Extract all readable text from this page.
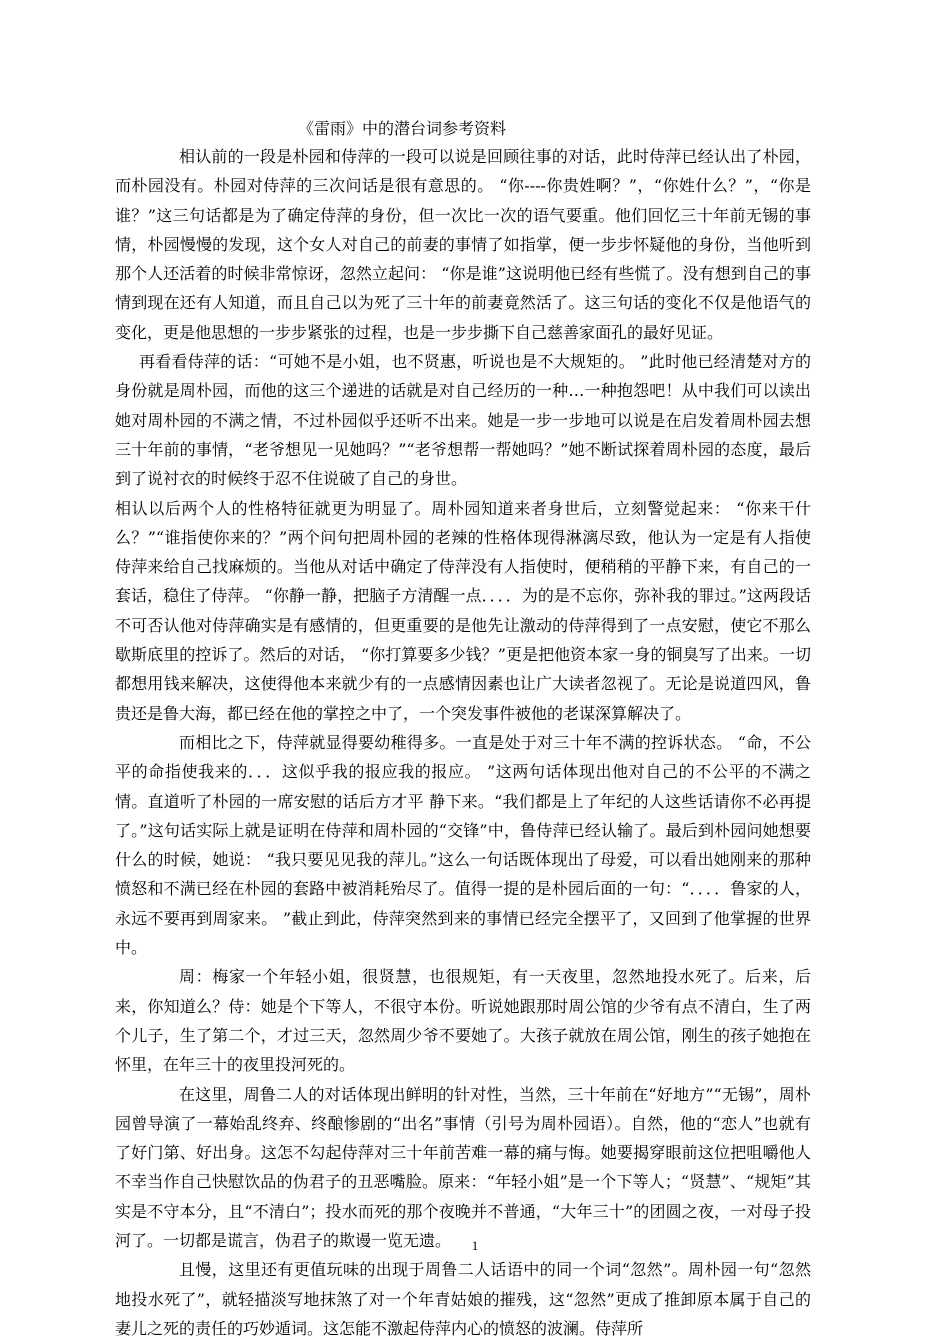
《雷雨》中的潜台词参考资料

相认前的一段是朴园和侍萍的一段可以说是回顾往事的对话，此时侍萍已经认出了朴园，而朴园没有。朴园对侍萍的三次问话是很有意思的。 “你----你贵姓啊？”，“你姓什么？”，“你是谁？”这三句话都是为了确定侍萍的身份，但一次比一次的语气要重。他们回忆三十年前无锡的事情，朴园慢慢的发现，这个女人对自己的前妻的事情了如指掌，便一步步怀疑他的身份，当他听到那个人还活着的时候非常惊讶，忽然立起问： “你是谁”这说明他已经有些慌了。没有想到自己的事情到现在还有人知道，而且自己以为死了三十年的前妻竟然活了。这三句话的变化不仅是他语气的变化，更是他思想的一步步紧张的过程，也是一步步撕下自己慈善家面孔的最好见证。

再看看侍萍的话：“可她不是小姐，也不贤惠，听说也是不大规矩的。 ”此时他已经清楚对方的身份就是周朴园，而他的这三个递进的话就是对自己经历的一种…一种抱怨吧！从中我们可以读出她对周朴园的不满之情，不过朴园似乎还听不出来。她是一步一步地可以说是在启发着周朴园去想三十年前的事情，“老爷想见一见她吗？”“老爷想帮一帮她吗？”她不断试探着周朴园的态度，最后到了说衬衣的时候终于忍不住说破了自己的身世。

相认以后两个人的性格特征就更为明显了。周朴园知道来者身世后，立刻警觉起来： “你来干什么？”“谁指使你来的？”两个问句把周朴园的老辣的性格体现得淋漓尽致，他认为一定是有人指使侍萍来给自己找麻烦的。当他从对话中确定了侍萍没有人指使时，便稍稍的平静下来，有自己的一套话，稳住了侍萍。 “你静一静，把脑子方清醒一点．．．．为的是不忘你，弥补我的罪过。”这两段话不可否认他对侍萍确实是有感情的，但更重要的是他先让激动的侍萍得到了一点安慰，使它不那么歇斯底里的控诉了。然后的对话， “你打算要多少钱？”更是把他资本家一身的铜臭写了出来。一切都想用钱来解决，这使得他本来就少有的一点感情因素也让广大读者忽视了。无论是说道四风，鲁贵还是鲁大海，都已经在他的掌控之中了，一个突发事件被他的老谋深算解决了。

而相比之下，侍萍就显得要幼稚得多。一直是处于对三十年不满的控诉状态。 “命，不公平的命指使我来的．．．这似乎我的报应我的报应。 ”这两句话体现出他对自己的不公平的不满之情。直道听了朴园的一席安慰的话后方才平 静下来。“我们都是上了年纪的人这些话请你不必再提了。”这句话实际上就是证明在侍萍和周朴园的“交锋”中，鲁侍萍已经认输了。最后到朴园问她想要什么的时候，她说： “我只要见见我的萍儿。”这么一句话既体现出了母爱，可以看出她刚来的那种愤怒和不满已经在朴园的套路中被消耗殆尽了。值得一提的是朴园后面的一句：“．．．．鲁家的人，永远不要再到周家来。 ”截止到此，侍萍突然到来的事情已经完全摆平了，又回到了他掌握的世界中。

周：梅家一个年轻小姐，很贤慧，也很规矩，有一天夜里，忽然地投水死了。后来，后来，你知道么？侍：她是个下等人，不很守本份。听说她跟那时周公馆的少爷有点不清白，生了两个儿子，生了第二个，才过三天，忽然周少爷不要她了。大孩子就放在周公馆，刚生的孩子她抱在怀里，在年三十的夜里投河死的。

在这里，周鲁二人的对话体现出鲜明的针对性，当然，三十年前在“好地方”“无锡”，周朴园曾导演了一幕始乱终弃、终酿惨剧的“出名”事情（引号为周朴园语）。自然，他的“恋人”也就有了好门第、好出身。这怎不勾起侍萍对三十年前苦难一幕的痛与悔。她要揭穿眼前这位把咀嚼他人不幸当作自己快慰饮品的伪君子的丑恶嘴脸。原来：“年轻小姐”是一个下等人；“贤慧”、“规矩”其实是不守本分，且“不清白”；投水而死的那个夜晚并不普通，“大年三十”的团圆之夜，一对母子投河了。一切都是谎言，伪君子的欺谩一览无遗。

且慢，这里还有更值玩味的出现于周鲁二人话语中的同一个词“忽然”。周朴园一句“忽然地投水死了”，就轻描淡写地抹煞了对一个年青姑娘的摧残，这“忽然”更成了推卸原本属于自己的妻儿之死的责任的巧妙遁词。这怎能不激起侍萍内心的愤怒的波澜。侍萍所

1
